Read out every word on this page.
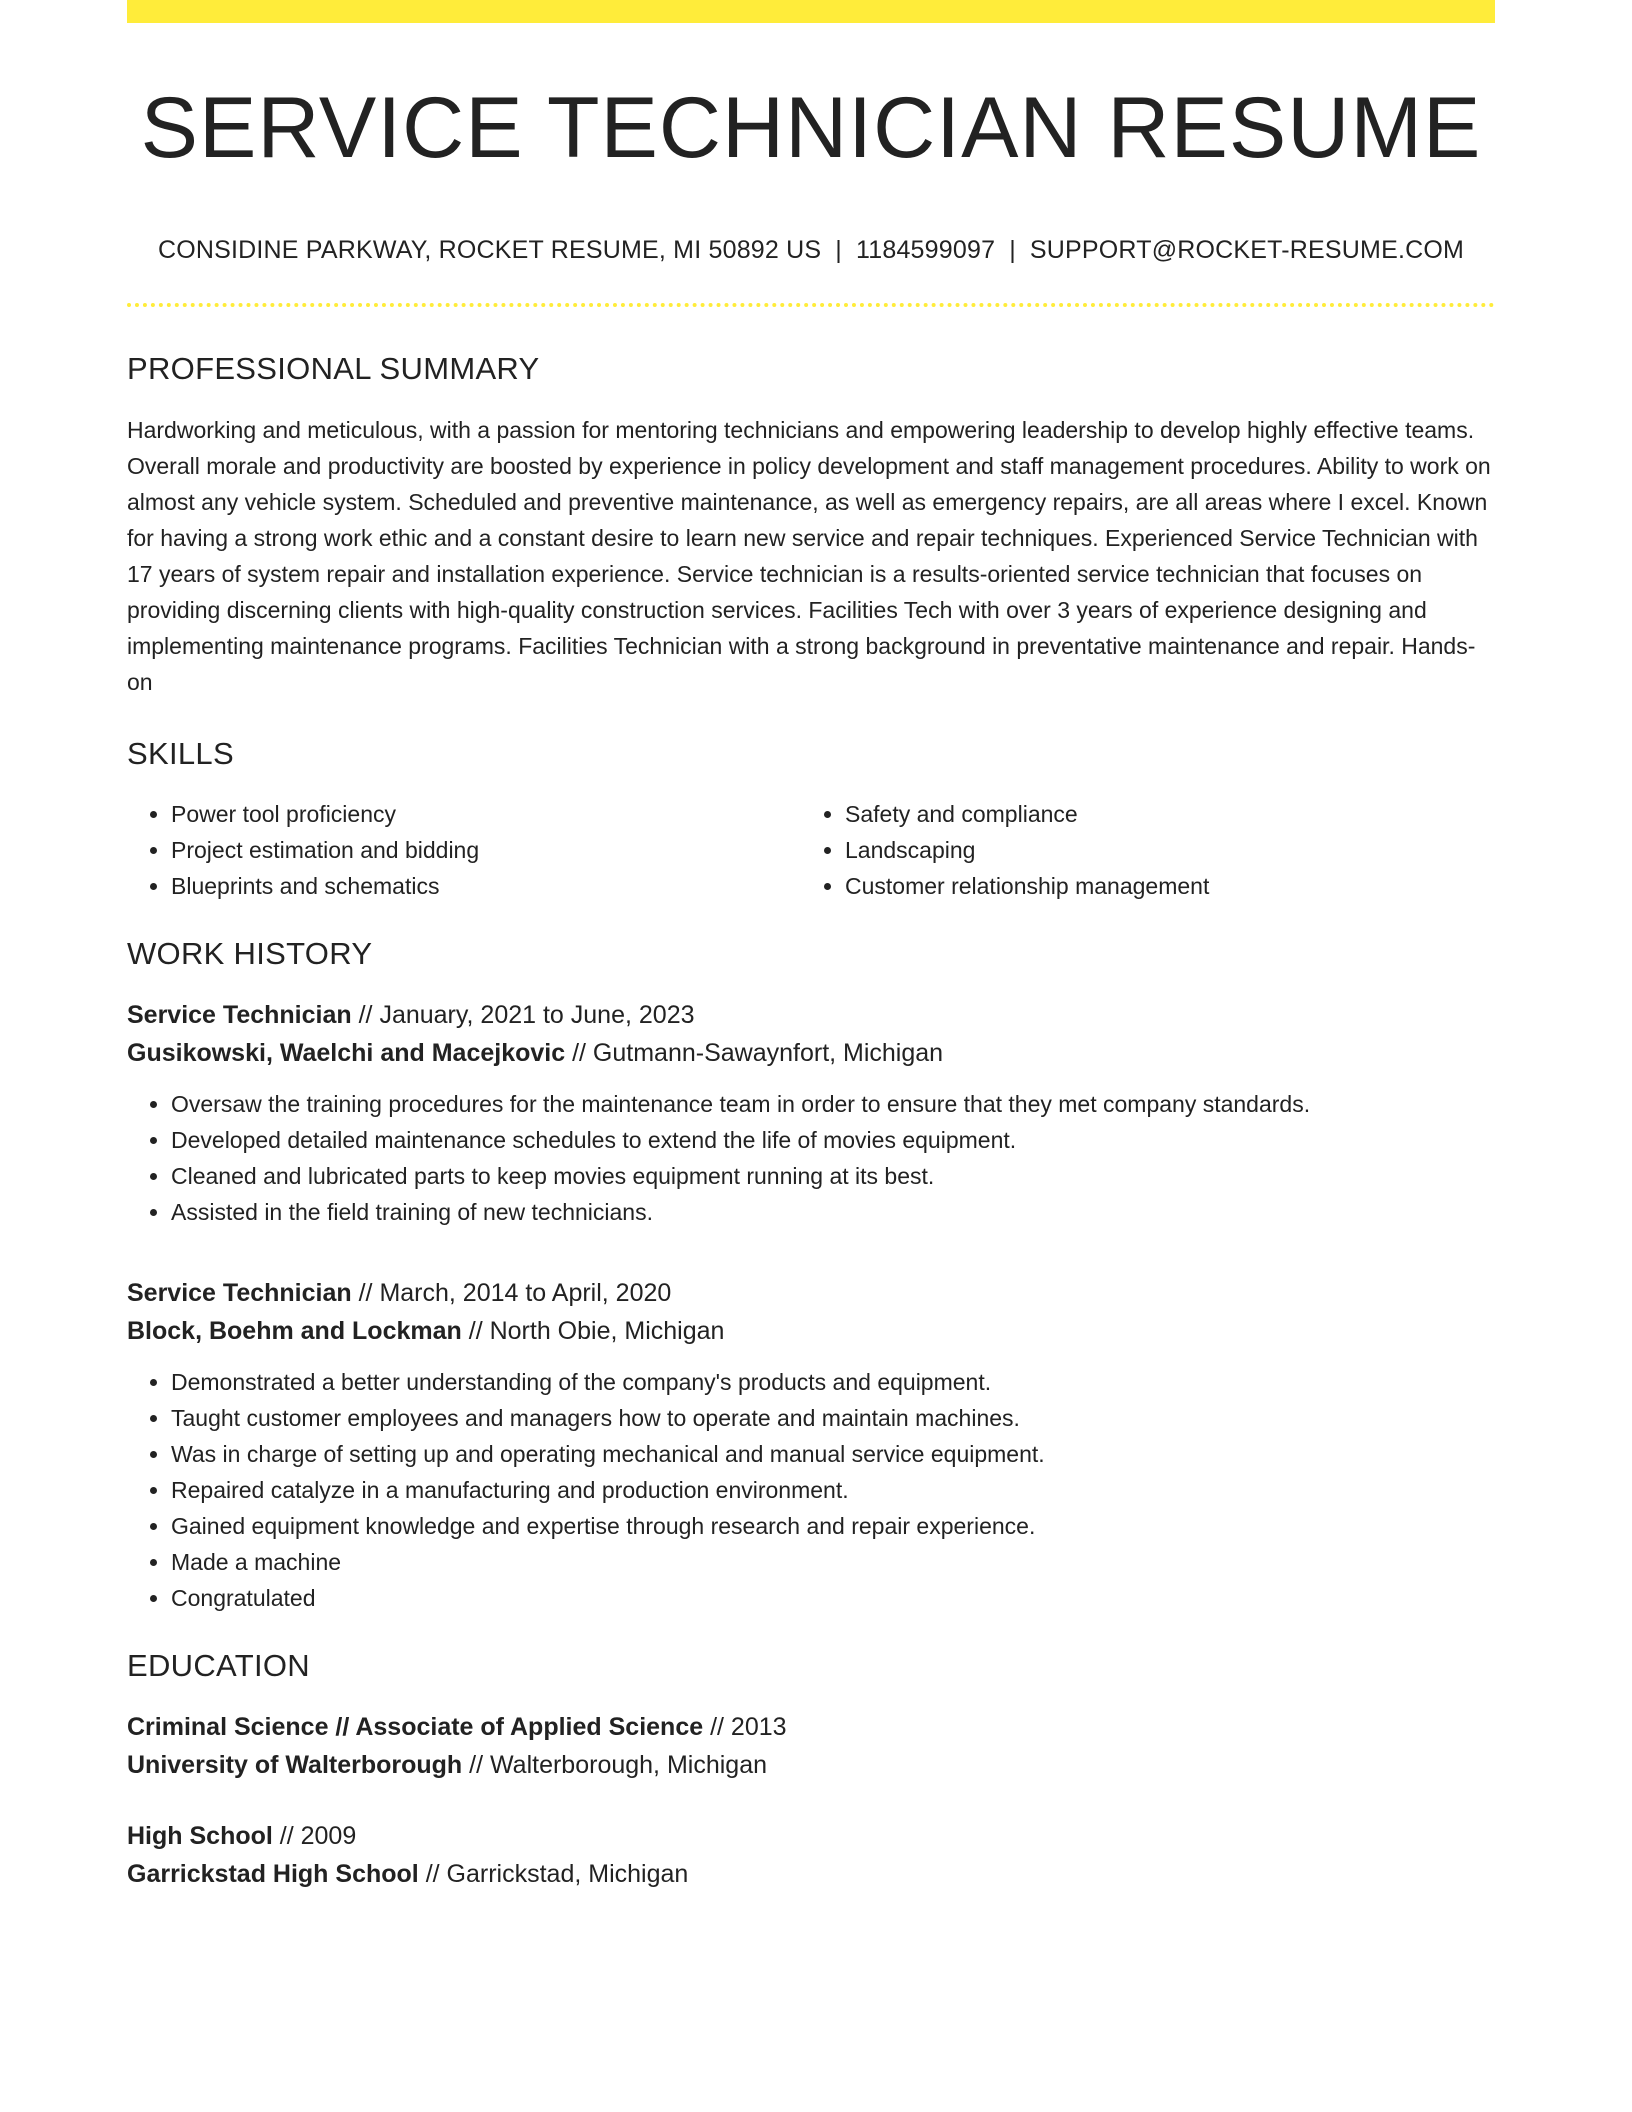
SERVICE TECHNICIAN RESUME
CONSIDINE PARKWAY, ROCKET RESUME, MI 50892 US | 1184599097 | SUPPORT@ROCKET-RESUME.COM
PROFESSIONAL SUMMARY
Hardworking and meticulous, with a passion for mentoring technicians and empowering leadership to develop highly effective teams. Overall morale and productivity are boosted by experience in policy development and staff management procedures. Ability to work on almost any vehicle system. Scheduled and preventive maintenance, as well as emergency repairs, are all areas where I excel. Known for having a strong work ethic and a constant desire to learn new service and repair techniques. Experienced Service Technician with 17 years of system repair and installation experience. Service technician is a results-oriented service technician that focuses on providing discerning clients with high-quality construction services. Facilities Tech with over 3 years of experience designing and implementing maintenance programs. Facilities Technician with a strong background in preventative maintenance and repair. Hands-on
SKILLS
• Power tool proficiency
• Project estimation and bidding
• Blueprints and schematics
• Safety and compliance
• Landscaping
• Customer relationship management
WORK HISTORY
Service Technician // January, 2021 to June, 2023
Gusikowski, Waelchi and Macejkovic // Gutmann-Sawaynfort, Michigan
• Oversaw the training procedures for the maintenance team in order to ensure that they met company standards.
• Developed detailed maintenance schedules to extend the life of movies equipment.
• Cleaned and lubricated parts to keep movies equipment running at its best.
• Assisted in the field training of new technicians.
Service Technician // March, 2014 to April, 2020
Block, Boehm and Lockman // North Obie, Michigan
• Demonstrated a better understanding of the company's products and equipment.
• Taught customer employees and managers how to operate and maintain machines.
• Was in charge of setting up and operating mechanical and manual service equipment.
• Repaired catalyze in a manufacturing and production environment.
• Gained equipment knowledge and expertise through research and repair experience.
• Made a machine
• Congratulated
EDUCATION
Criminal Science // Associate of Applied Science // 2013
University of Walterborough // Walterborough, Michigan
High School // 2009
Garrickstad High School // Garrickstad, Michigan
